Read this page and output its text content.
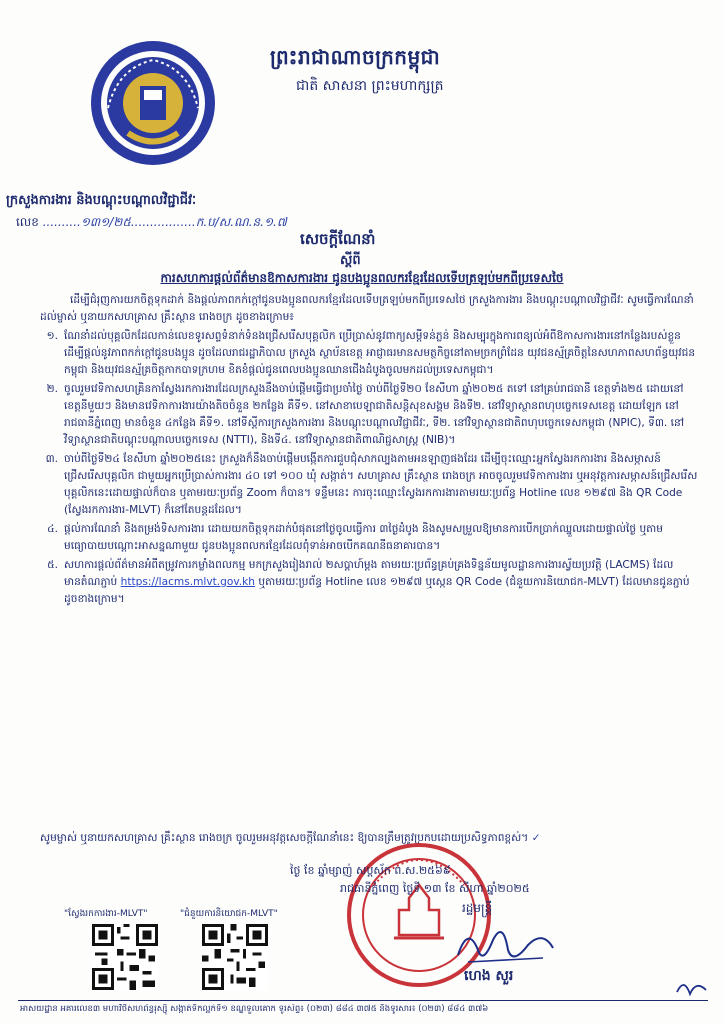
ព្រះរាជាណាចក្រកម្ពុជា
ជាតិ សាសនា ព្រះមហាក្សត្រ
ក្រសួងការងារ និងបណ្តុះបណ្តាលវិជ្ជាជីវៈ
លេខ ..........១៣១/២៥.................ក.ប/ស.ណ.ន.១.៧
សេចក្តីណែនាំ
ស្តីពី
ការសហការផ្តល់ព័ត៌មានឱកាសការងារ ជូនបងប្អូនពលករខ្មែរដែលទើបត្រឡប់មកពីប្រទេសថៃ

ដើម្បីជំរុញការយកចិត្តទុកដាក់ និងផ្តល់ភាពកក់ក្តៅជូនបងប្អូនពលករខ្មែរដែលទើបត្រឡប់មកពីប្រទេសថៃ ក្រសួងការងារ និងបណ្តុះបណ្តាលវិជ្ជាជីវៈ សូមធ្វើការណែនាំដល់ម្ចាស់ ឬនាយកសហគ្រាស គ្រឹះស្ថាន រោងចក្រ ដូចខាងក្រោម៖

១. ណែនាំដល់បុគ្គលិកដែលកាន់លេខទូរសព្ទទំនាក់ទំនងជ្រើសរើសបុគ្គលិក ប្រើប្រាស់នូវពាក្យសម្តីទន់ភ្លន់ និងសម្បុរក្នុងការពន្យល់អំពីឱកាសការងារនៅកន្លែងរបស់ខ្លួន ដើម្បីផ្តល់នូវភាពកក់ក្តៅជូនបងប្អូន ដូចដែលរាជរដ្ឋាភិបាល ក្រសួង ស្ថាប័នខេត្ត អាជ្ញាធរមានសមត្ថកិច្ចនៅតាមច្រកព្រំដែន យុវជនស្ម័គ្រចិត្តនៃសហភាពសហព័ន្ធយុវជនកម្ពុជា និងយុវជនស្ម័គ្រចិត្តកាកបាទក្រហម ខិតខំផ្តល់ជូនពេលបងប្អូនឈានជើងដំបូងចូលមកដល់ប្រទេសកម្ពុជា។
២. ចូលរួមវេទិកាសហគ្រិនកាស្វែងរកការងារដែលក្រសួងនឹងចាប់ផ្តើមធ្វើជាប្រចាំថ្ងៃ ចាប់ពីថ្ងៃទី២០ ខែសីហា ឆ្នាំ២០២៥ តទៅ នៅគ្រប់រាជធានី ខេត្តទាំង២៥ ដោយនៅខេត្តនីមួយៗ និងមានវេទិកាការងារយ៉ាងតិចចំនួន ២កន្លែង គឺទី១. នៅសាខាបេឡាជាតិសន្តិសុខសង្គម និងទី២. នៅវិទ្យាស្ថានពហុបច្ចេកទេសខេត្ត ដោយឡែក នៅរាជធានីភ្នំពេញ មានចំនួន ៤កន្លែង គឺទី១. នៅទីស្តីការក្រសួងការងារ និងបណ្តុះបណ្តាលវិជ្ជាជីវៈ, ទី២. នៅវិទ្យាស្ថានជាតិពហុបច្ចេកទេសកម្ពុជា (NPIC), ទី៣. នៅវិទ្យាស្ថានជាតិបណ្តុះបណ្តាលបច្ចេកទេស (NTTI), និងទី៤. នៅវិទ្យាស្ថានជាតិពាណិជ្ជសាស្ត្រ (NIB)។
៣. ចាប់ពីថ្ងៃទី២៤ ខែសីហា ឆ្នាំ២០២៥នេះ ក្រសួងក៏នឹងចាប់ផ្តើមបង្កើតការជួបជុំសាកល្បងតាមអនឡាញផងដែរ ដើម្បីចុះឈ្មោះអ្នកស្វែងរកការងារ និងសម្ភាសន៍ជ្រើសរើសបុគ្គលិក ជាមួយអ្នកប្រើប្រាស់ការងារ ៤០ ទៅ ១០០ ឃុំ សង្កាត់។ សហគ្រាស គ្រឹះស្ថាន រោងចក្រ អាចចូលរួមវេទិកាការងារ ឬអនុវត្តការសម្ភាសន៍ជ្រើសរើសបុគ្គលិកនេះដោយផ្ទាល់ក៏បាន ឬតាមរយៈប្រព័ន្ធ Zoom ក៏បាន។ ទន្ទឹមនេះ ការចុះឈ្មោះស្វែងរកការងារតាមរយៈប្រព័ន្ធ Hotline លេខ ១២៩៧ និង QR Code (ស្វែងរកការងារ-MLVT) ក៏នៅតែបន្តដដែល។
៤. ផ្តល់ការណែនាំ និងតម្រង់ទិសការងារ ដោយយកចិត្តទុកដាក់បំផុតនៅថ្ងៃចូលធ្វើការ ៣ថ្ងៃដំបូង និងសូមសម្រួលឱ្យមានការបើកប្រាក់ឈ្នួលដោយផ្ទាល់ថ្ងៃ ឬតាមមធ្យោបាយបណ្តោះអាសន្នណាមួយ ជូនបងប្អូនពលករខ្មែរដែលពុំទាន់អាចបើកគណនីធនាគារបាន។
៥. សហការផ្តល់ព័ត៌មានអំពីតម្រូវការកម្លាំងពលកម្ម មកក្រសួងរៀងរាល់ ២សប្តាហ៍ម្តង តាមរយៈប្រព័ន្ធគ្រប់គ្រងទិន្នន័យមូលដ្ឋានការងារស្វ័យប្រវត្តិ (LACMS) ដែលមានតំណភ្ជាប់ https://lacms.mlvt.gov.kh ឬតាមរយៈប្រព័ន្ធ Hotline លេខ ១២៩៧ ឬស្កេន QR Code (ជំនួយការនិយោជក-MLVT) ដែលមានជូនភ្ជាប់ដូចខាងក្រោម។
សូមម្ចាស់ ឬនាយកសហគ្រាស គ្រឹះស្ថាន រោងចក្រ ចូលរួមអនុវត្តសេចក្តីណែនាំនេះ ឱ្យបានត្រឹមត្រូវប្រកបដោយប្រសិទ្ធភាពខ្ពស់។ ✓
ថ្ងៃ ខែ ឆ្នាំម្សាញ់ សប្តស័ក ព.ស.២៥៦៩
រាជធានីភ្នំពេញ ថ្ងៃទី ១៣ ខែ សីហា ឆ្នាំ២០២៥
រដ្ឋមន្ត្រី
ហេង សួរ
"ស្វែងរកការងារ-MLVT"	"ជំនួយការនិយោជក-MLVT"
អាសយដ្ឋាន អគារលេខ៣ មហាវិថីសហព័ន្ធរុស្ស៊ី សង្កាត់ទឹកល្អក់ទី១ ខណ្ឌទួលគោក ទូរស័ព្ទ៖ (០២៣) ៨៨៤ ៣៧៥ និងទូរសារ៖ (០២៣) ៨៨៤ ៣៧៦
